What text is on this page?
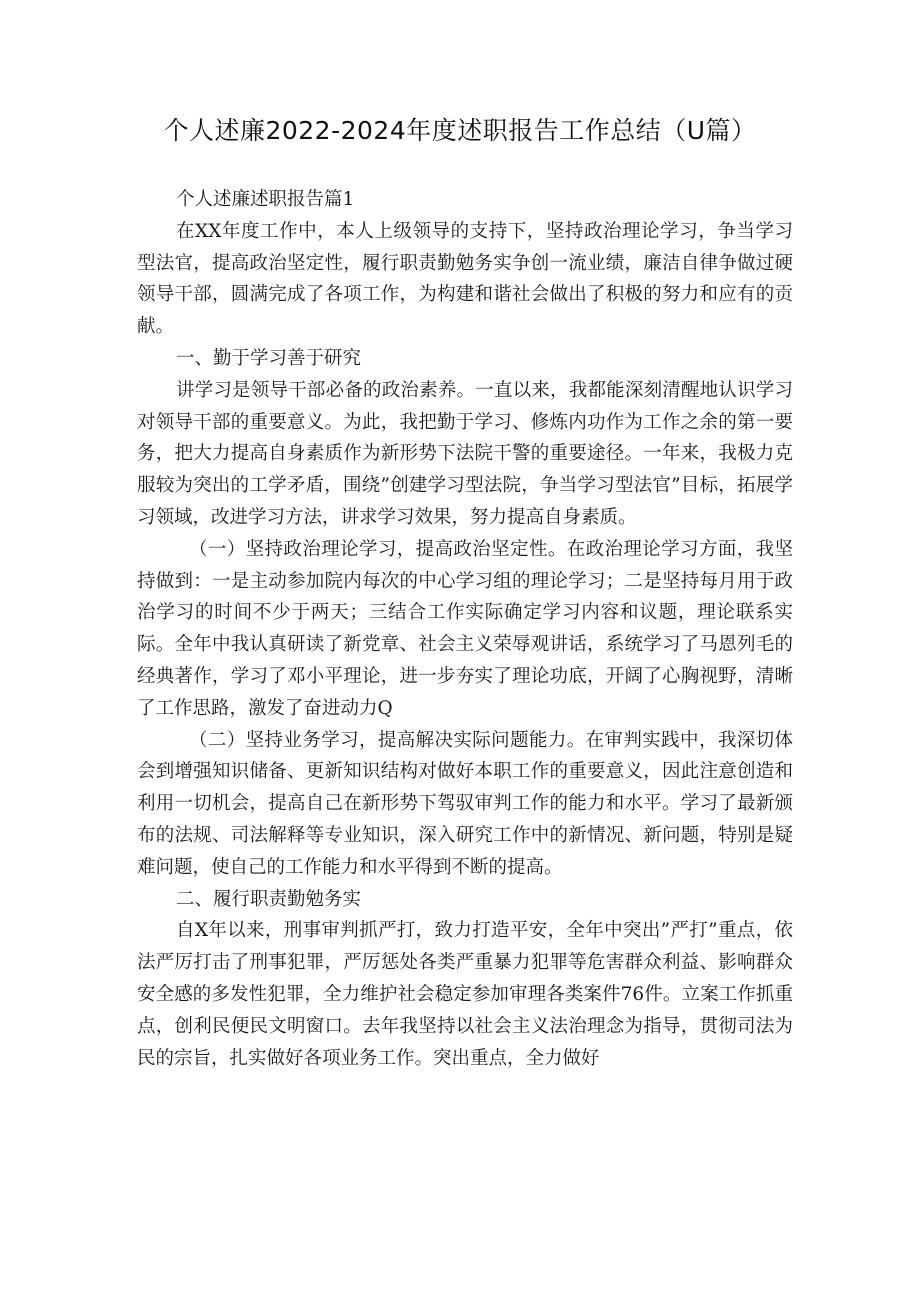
个人述廉2022-2024年度述职报告工作总结（U篇）

个人述廉述职报告篇1

在XX年度工作中，本人上级领导的支持下，坚持政治理论学习，争当学习型法官，提高政治坚定性，履行职责勤勉务实争创一流业绩，廉洁自律争做过硬领导干部，圆满完成了各项工作，为构建和谐社会做出了积极的努力和应有的贡献。

一、勤于学习善于研究

讲学习是领导干部必备的政治素养。一直以来，我都能深刻清醒地认识学习对领导干部的重要意义。为此，我把勤于学习、修炼内功作为工作之余的第一要务，把大力提高自身素质作为新形势下法院干警的重要途径。一年来，我极力克服较为突出的工学矛盾，围绕”创建学习型法院，争当学习型法官”目标，拓展学习领域，改进学习方法，讲求学习效果，努力提高自身素质。

（一）坚持政治理论学习，提高政治坚定性。在政治理论学习方面，我坚持做到：一是主动参加院内每次的中心学习组的理论学习；二是坚持每月用于政治学习的时间不少于两天；三结合工作实际确定学习内容和议题，理论联系实际。全年中我认真研读了新党章、社会主义荣辱观讲话，系统学习了马恩列毛的经典著作，学习了邓小平理论，进一步夯实了理论功底，开阔了心胸视野，清晰了工作思路，激发了奋进动力Q

（二）坚持业务学习，提高解决实际问题能力。在审判实践中，我深切体会到增强知识储备、更新知识结构对做好本职工作的重要意义，因此注意创造和利用一切机会，提高自己在新形势下驾驭审判工作的能力和水平。学习了最新颁布的法规、司法解释等专业知识，深入研究工作中的新情况、新问题，特别是疑难问题，使自己的工作能力和水平得到不断的提高。

二、履行职责勤勉务实

自X年以来，刑事审判抓严打，致力打造平安，全年中突出”严打”重点，依法严厉打击了刑事犯罪，严厉惩处各类严重暴力犯罪等危害群众利益、影响群众安全感的多发性犯罪，全力维护社会稳定参加审理各类案件76件。立案工作抓重点，创利民便民文明窗口。去年我坚持以社会主义法治理念为指导，贯彻司法为民的宗旨，扎实做好各项业务工作。突出重点，全力做好
